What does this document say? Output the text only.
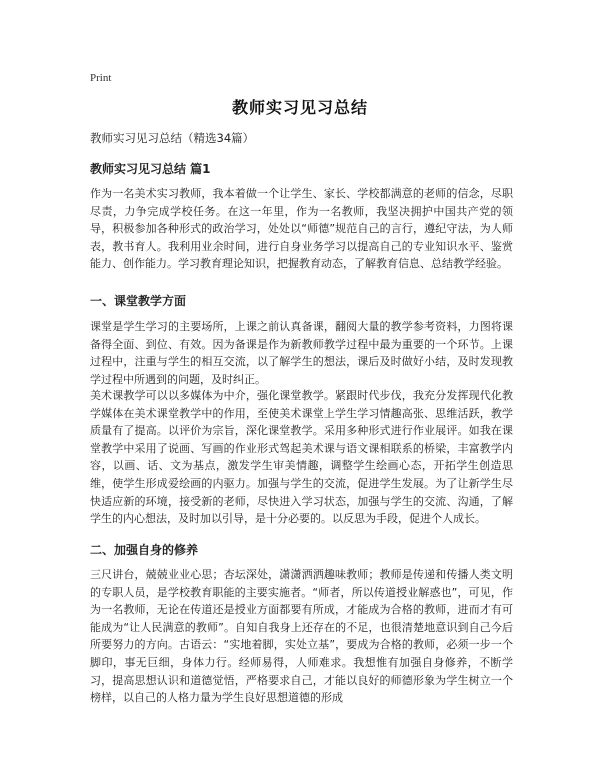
Print
教师实习见习总结
教师实习见习总结（精选34篇）
教师实习见习总结 篇1
作为一名美术实习教师，我本着做一个让学生、家长、学校都满意的老师的信念，尽职尽责，力争完成学校任务。在这一年里，作为一名教师，我坚决拥护中国共产党的领导，积极参加各种形式的政治学习，处处以“师德”规范自己的言行，遵纪守法，为人师表，教书育人。我利用业余时间，进行自身业务学习以提高自己的专业知识水平、鉴赏能力、创作能力。学习教育理论知识，把握教育动态，了解教育信息、总结教学经验。
一、课堂教学方面
课堂是学生学习的主要场所，上课之前认真备课，翻阅大量的教学参考资料，力图将课备得全面、到位、有效。因为备课是作为新教师教学过程中最为重要的一个环节。上课过程中，注重与学生的相互交流，以了解学生的想法，课后及时做好小结，及时发现教学过程中所遇到的问题，及时纠正。
美术课教学可以以多媒体为中介，强化课堂教学。紧跟时代步伐，我充分发挥现代化教学媒体在美术课堂教学中的作用，至使美术课堂上学生学习情趣高张、思维活跃，教学质量有了提高。以评价为宗旨，深化课堂教学。采用多种形式进行作业展评。如我在课堂教学中采用了说画、写画的作业形式驾起美术课与语文课相联系的桥梁，丰富教学内容，以画、话、文为基点，激发学生审美情趣，调整学生绘画心态，开拓学生创造思维，使学生形成爱绘画的内驱力。加强与学生的交流，促进学生发展。为了让新学生尽快适应新的环境，接受新的老师，尽快进入学习状态，加强与学生的交流、沟通，了解学生的内心想法，及时加以引导，是十分必要的。以反思为手段，促进个人成长。
二、加强自身的修养
三尺讲台，兢兢业业心思；杏坛深处，潇潇洒洒趣味教师；教师是传递和传播人类文明的专职人员，是学校教育职能的主要实施者。“师者，所以传道授业解惑也”，可见，作为一名教师，无论在传道还是授业方面都要有所成，才能成为合格的教师，进而才有可能成为“让人民满意的教师”。自知自我身上还存在的不足，也很清楚地意识到自己今后所要努力的方向。古语云：“实地着脚，实处立基”，要成为合格的教师，必须一步一个脚印，事无巨细，身体力行。经师易得，人师难求。我想惟有加强自身修养，不断学习，提高思想认识和道德觉悟，严格要求自己，才能以良好的师德形象为学生树立一个榜样，以自己的人格力量为学生良好思想道德的形成
